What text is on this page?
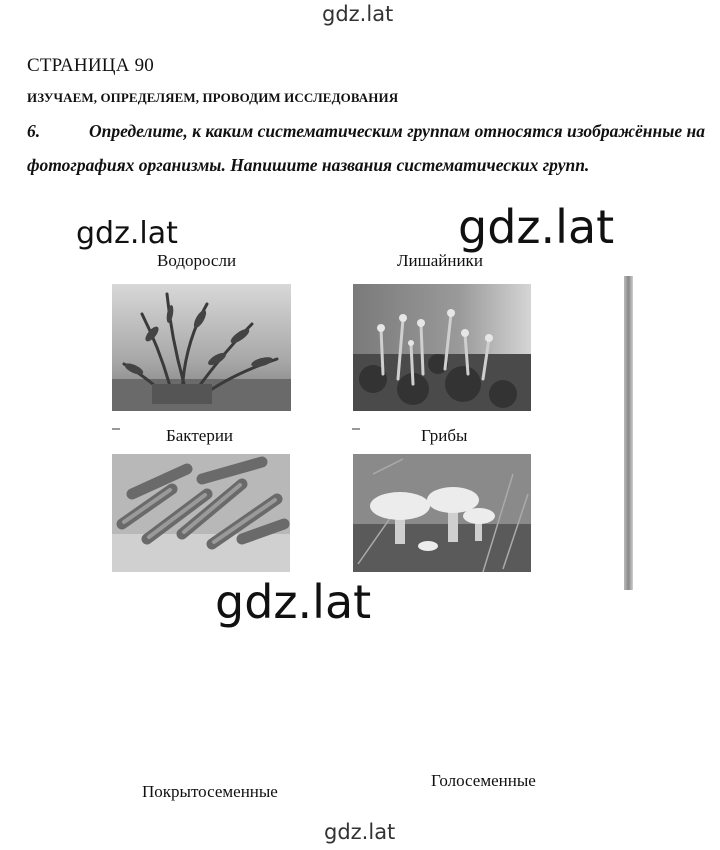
gdz.lat
gdz.lat	gdz.lat
gdz.lat
gdz.lat
СТРАНИЦА 90
ИЗУЧАЕМ, ОПРЕДЕЛЯЕМ, ПРОВОДИМ ИССЛЕДОВАНИЯ
6.	Определите, к каким систематическим группам относятся изображённые на фотографиях организмы. Напишите названия систематических групп.
Водоросли	Лишайники
Бактерии	Грибы
Покрытосеменные
Голосеменные
